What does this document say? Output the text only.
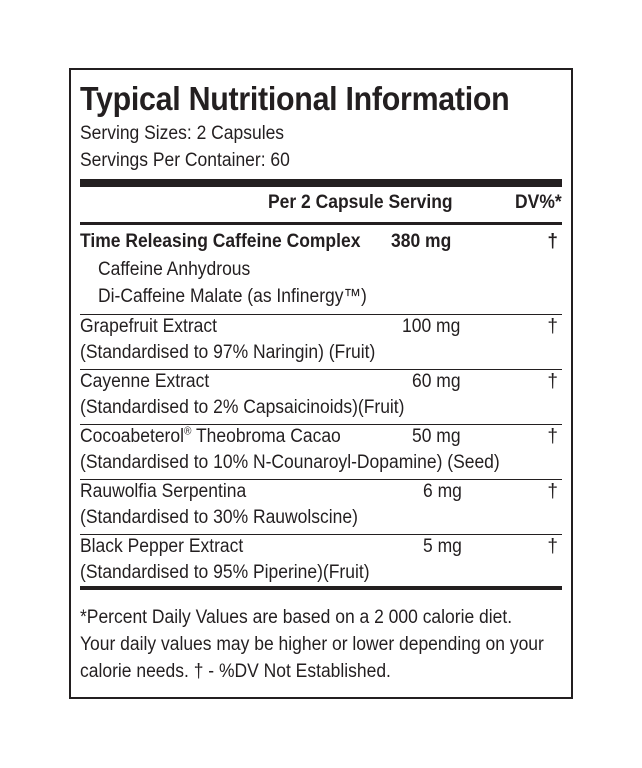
Typical Nutritional Information
Serving Sizes: 2 Capsules
Servings Per Container: 60
Per 2 Capsule Serving	DV%*
Time Releasing Caffeine Complex 380 mg	†
Caffeine Anhydrous
Di-Caffeine Malate (as Infinergy™)
Grapefruit Extract	100 mg	†
(Standardised to 97% Naringin) (Fruit)
Cayenne Extract	60 mg	†
(Standardised to 2% Capsaicinoids)(Fruit)
Cocoabeterol® Theobroma Cacao	50 mg	†
(Standardised to 10% N-Counaroyl-Dopamine) (Seed)
Rauwolfia Serpentina	6 mg	†
(Standardised to 30% Rauwolscine)
Black Pepper Extract	5 mg	†
(Standardised to 95% Piperine)(Fruit)
*Percent Daily Values are based on a 2 000 calorie diet.
Your daily values may be higher or lower depending on your
calorie needs. † - %DV Not Established.
